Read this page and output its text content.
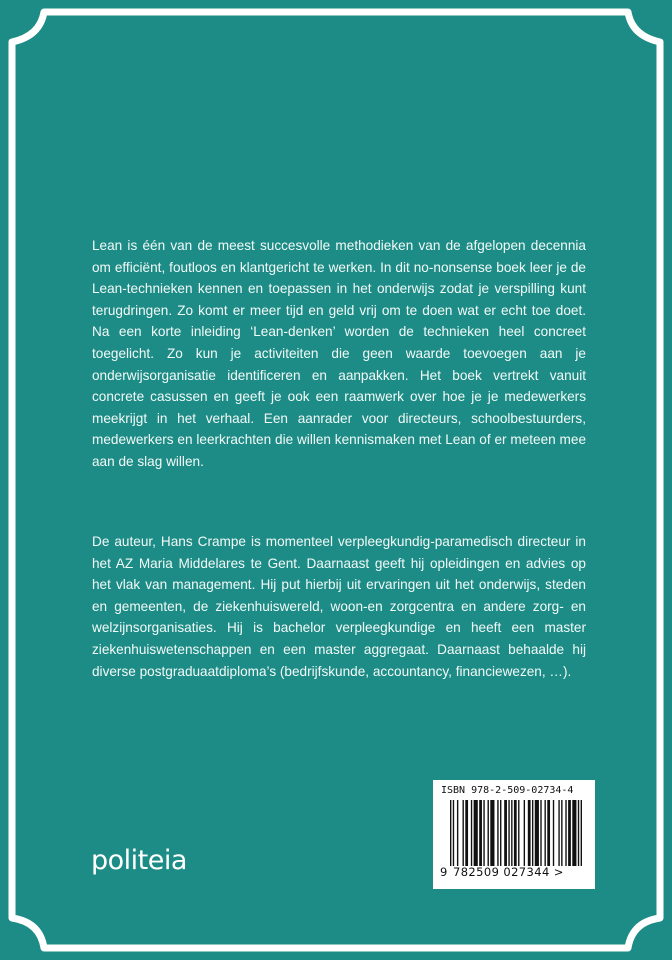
Lean is één van de meest succesvolle methodieken van de afgelopen decennia om efficiënt, foutloos en klantgericht te werken. In dit no-nonsense boek leer je de Lean-technieken kennen en toepassen in het onderwijs zodat je verspilling kunt terugdringen. Zo komt er meer tijd en geld vrij om te doen wat er echt toe doet. Na een korte inleiding ‘Lean-denken’ worden de technieken heel concreet toegelicht. Zo kun je activiteiten die geen waarde toevoegen aan je onderwijsorganisatie identificeren en aanpakken. Het boek vertrekt vanuit concrete casussen en geeft je ook een raamwerk over hoe je je medewerkers meekrijgt in het verhaal. Een aanrader voor directeurs, schoolbestuurders, medewerkers en leerkrachten die willen kennismaken met Lean of er meteen mee aan de slag willen.

De auteur, Hans Crampe is momenteel verpleegkundig-paramedisch directeur in het AZ Maria Middelares te Gent. Daarnaast geeft hij opleidingen en advies op het vlak van management. Hij put hierbij uit ervaringen uit het onderwijs, steden en gemeenten, de ziekenhuiswereld, woon-en zorgcentra en andere zorg- en welzijnsorganisaties. Hij is bachelor verpleegkundige en heeft een master ziekenhuiswetenschappen en een master aggregaat. Daarnaast behaalde hij diverse postgraduaatdiploma’s (bedrijfskunde, accountancy, financiewezen, …).

politeia
ISBN 978-2-509-02734-4
9 782509 027344 >
